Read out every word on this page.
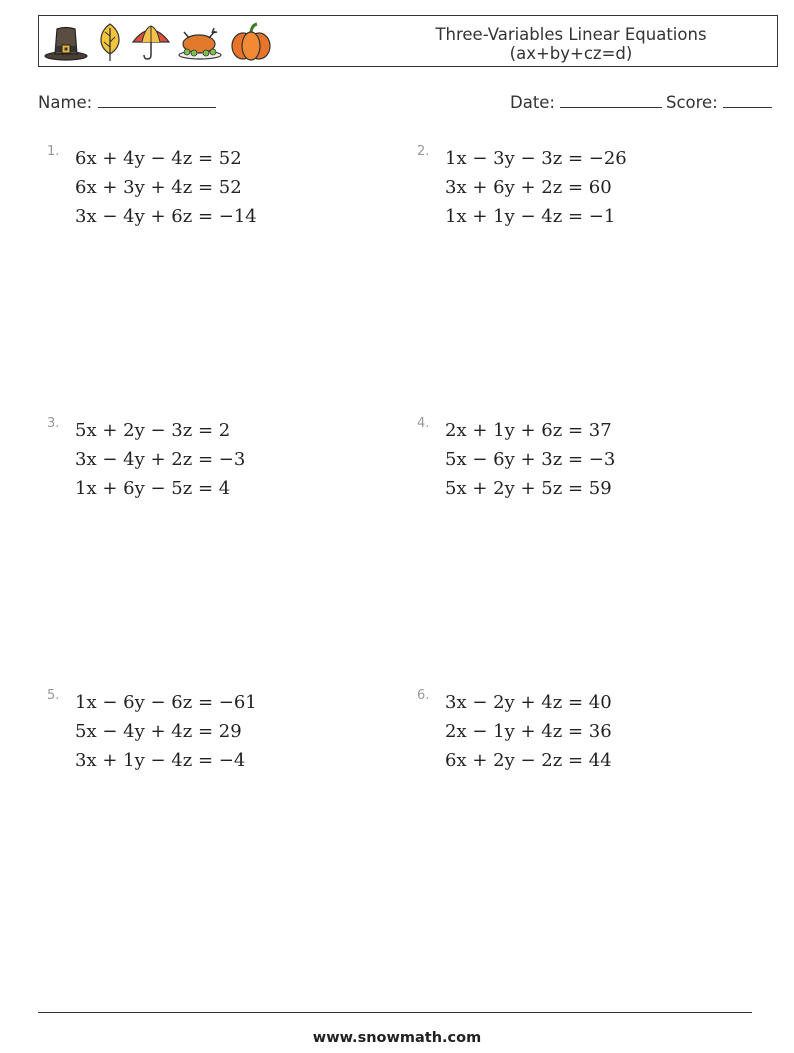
Three-Variables Linear Equations
(ax+by+cz=d)
Name:	Date:	Score:
1. 6x + 4y − 4z = 52
6x + 3y + 4z = 52
3x − 4y + 6z = −14
2. 1x − 3y − 3z = −26
3x + 6y + 2z = 60
1x + 1y − 4z = −1
3. 5x + 2y − 3z = 2
3x − 4y + 2z = −3
1x + 6y − 5z = 4
4. 2x + 1y + 6z = 37
5x − 6y + 3z = −3
5x + 2y + 5z = 59
5. 1x − 6y − 6z = −61
5x − 4y + 4z = 29
3x + 1y − 4z = −4
6. 3x − 2y + 4z = 40
2x − 1y + 4z = 36
6x + 2y − 2z = 44
www.snowmath.com
